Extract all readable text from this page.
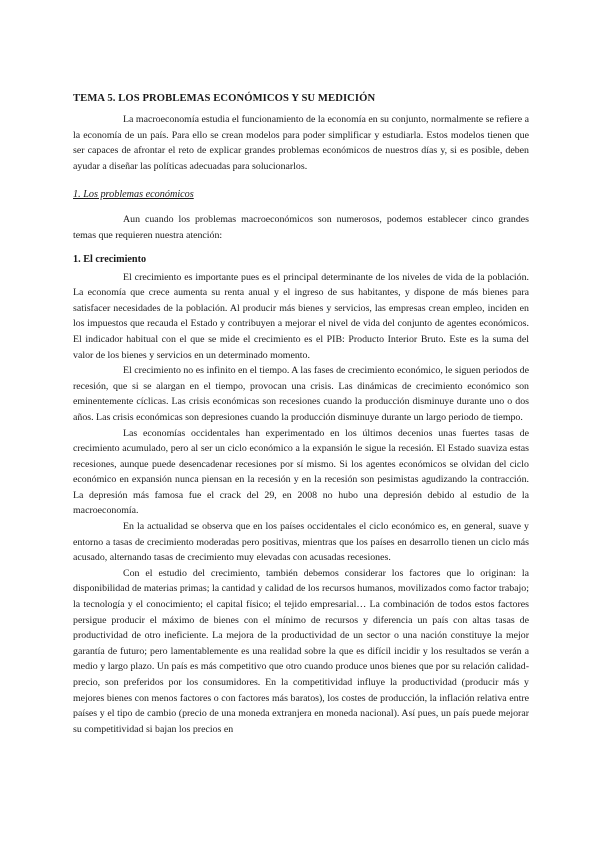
TEMA 5. LOS PROBLEMAS ECONÓMICOS Y SU MEDICIÓN

La macroeconomía estudia el funcionamiento de la economía en su conjunto, normalmente se refiere a la economía de un país. Para ello se crean modelos para poder simplificar y estudiarla. Estos modelos tienen que ser capaces de afrontar el reto de explicar grandes problemas económicos de nuestros días y, si es posible, deben ayudar a diseñar las políticas adecuadas para solucionarlos.

1. Los problemas económicos

Aun cuando los problemas macroeconómicos son numerosos, podemos establecer cinco grandes temas que requieren nuestra atención:

1. El crecimiento

El crecimiento es importante pues es el principal determinante de los niveles de vida de la población. La economía que crece aumenta su renta anual y el ingreso de sus habitantes, y dispone de más bienes para satisfacer necesidades de la población. Al producir más bienes y servicios, las empresas crean empleo, inciden en los impuestos que recauda el Estado y contribuyen a mejorar el nivel de vida del conjunto de agentes económicos. El indicador habitual con el que se mide el crecimiento es el PIB: Producto Interior Bruto. Este es la suma del valor de los bienes y servicios en un determinado momento.

El crecimiento no es infinito en el tiempo. A las fases de crecimiento económico, le siguen periodos de recesión, que si se alargan en el tiempo, provocan una crisis. Las dinámicas de crecimiento económico son eminentemente cíclicas. Las crisis económicas son recesiones cuando la producción disminuye durante uno o dos años. Las crisis económicas son depresiones cuando la producción disminuye durante un largo periodo de tiempo.

Las economías occidentales han experimentado en los últimos decenios unas fuertes tasas de crecimiento acumulado, pero al ser un ciclo económico a la expansión le sigue la recesión. El Estado suaviza estas recesiones, aunque puede desencadenar recesiones por sí mismo. Si los agentes económicos se olvidan del ciclo económico en expansión nunca piensan en la recesión y en la recesión son pesimistas agudizando la contracción. La depresión más famosa fue el crack del 29, en 2008 no hubo una depresión debido al estudio de la macroeconomía.

En la actualidad se observa que en los países occidentales el ciclo económico es, en general, suave y entorno a tasas de crecimiento moderadas pero positivas, mientras que los países en desarrollo tienen un ciclo más acusado, alternando tasas de crecimiento muy elevadas con acusadas recesiones.

Con el estudio del crecimiento, también debemos considerar los factores que lo originan: la disponibilidad de materias primas; la cantidad y calidad de los recursos humanos, movilizados como factor trabajo; la tecnología y el conocimiento; el capital físico; el tejido empresarial… La combinación de todos estos factores persigue producir el máximo de bienes con el mínimo de recursos y diferencia un país con altas tasas de productividad de otro ineficiente. La mejora de la productividad de un sector o una nación constituye la mejor garantía de futuro; pero lamentablemente es una realidad sobre la que es difícil incidir y los resultados se verán a medio y largo plazo. Un país es más competitivo que otro cuando produce unos bienes que por su relación calidad-precio, son preferidos por los consumidores. En la competitividad influye la productividad (producir más y mejores bienes con menos factores o con factores más baratos), los costes de producción, la inflación relativa entre países y el tipo de cambio (precio de una moneda extranjera en moneda nacional). Así pues, un país puede mejorar su competitividad si bajan los precios en
